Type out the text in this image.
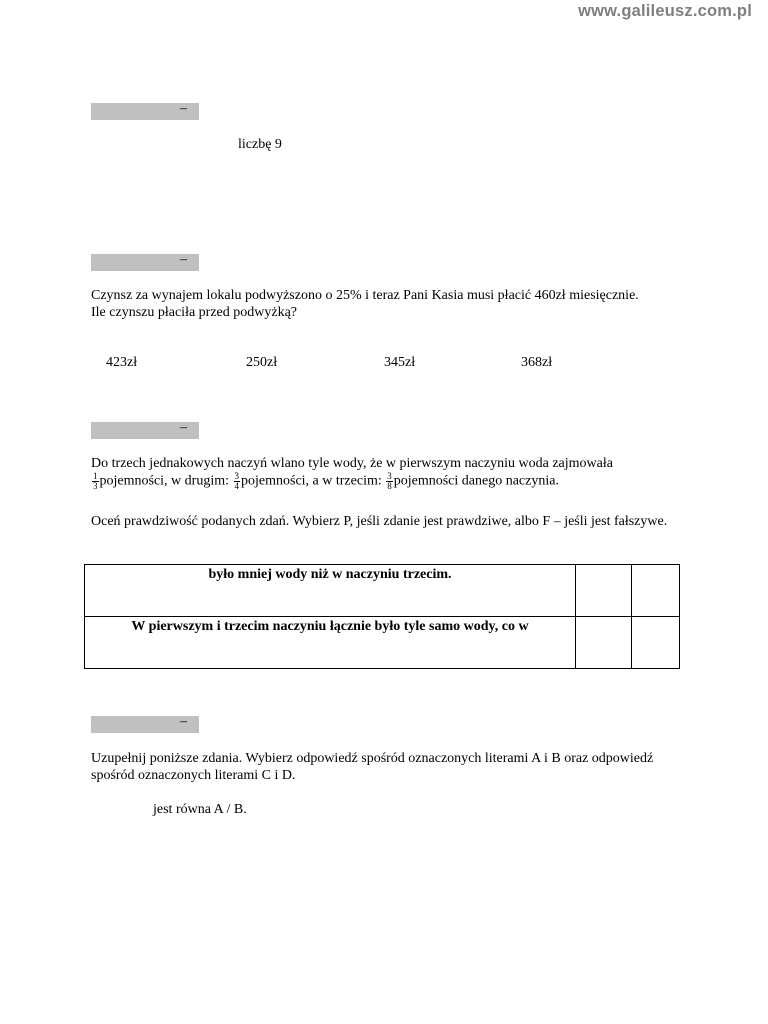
www.galileusz.com.pl
–
liczbę 9
–
Czynsz za wynajem lokalu podwyższono o 25% i teraz Pani Kasia musi płacić 460zł miesięcznie. Ile czynszu płaciła przed podwyżką?
423zł	250zł	345zł	368zł
–
Do trzech jednakowych naczyń wlano tyle wody, że w pierwszym naczyniu woda zajmowała
$\frac{1}{3}$ pojemności, w drugim: $\frac{3}{4}$ pojemności, a w trzecim: $\frac{3}{8}$ pojemności danego naczynia.
Oceń prawdziwość podanych zdań. Wybierz P, jeśli zdanie jest prawdziwe, albo F – jeśli jest fałszywe.
było mniej wody niż w naczyniu trzecim.		
W pierwszym i trzecim naczyniu łącznie było tyle samo wody, co w		
–
Uzupełnij poniższe zdania. Wybierz odpowiedź spośród oznaczonych literami A i B oraz odpowiedź spośród oznaczonych literami C i D.
jest równa A / B.
